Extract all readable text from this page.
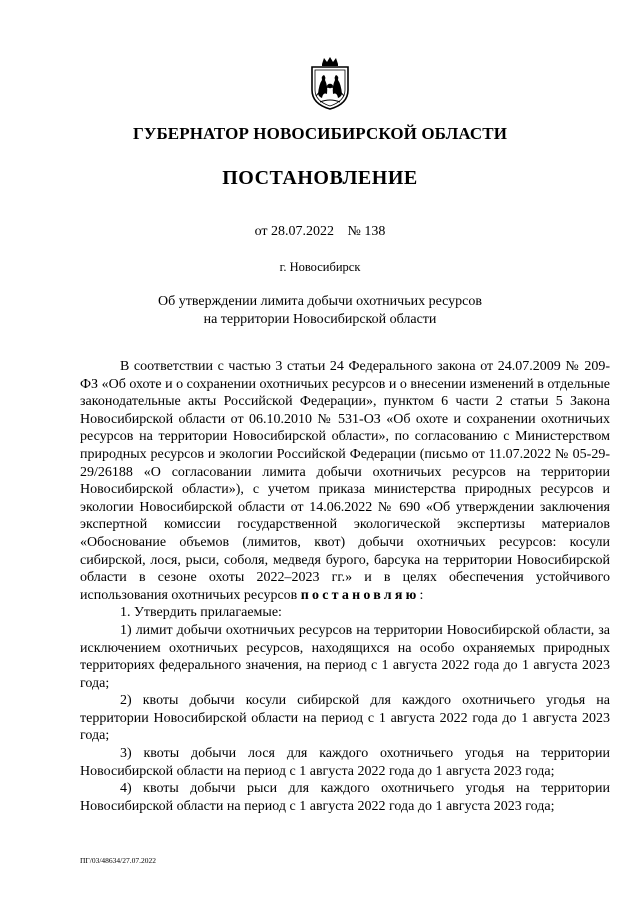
ГУБЕРНАТОР НОВОСИБИРСКОЙ ОБЛАСТИ
ПОСТАНОВЛЕНИЕ
от 28.07.2022 № 138
г. Новосибирск
Об утверждении лимита добычи охотничьих ресурсов
на территории Новосибирской области

В соответствии с частью 3 статьи 24 Федерального закона от 24.07.2009 № 209-ФЗ «Об охоте и о сохранении охотничьих ресурсов и о внесении изменений в отдельные законодательные акты Российской Федерации», пунктом 6 части 2 статьи 5 Закона Новосибирской области от 06.10.2010 № 531-ОЗ «Об охоте и сохранении охотничьих ресурсов на территории Новосибирской области», по согласованию с Министерством природных ресурсов и экологии Российской Федерации (письмо от 11.07.2022 № 05-29-29/26188 «О согласовании лимита добычи охотничьих ресурсов на территории Новосибирской области»), с учетом приказа министерства природных ресурсов и экологии Новосибирской области от 14.06.2022 № 690 «Об утверждении заключения экспертной комиссии государственной экологической экспертизы материалов «Обоснование объемов (лимитов, квот) добычи охотничьих ресурсов: косули сибирской, лося, рыси, соболя, медведя бурого, барсука на территории Новосибирской области в сезоне охоты 2022–2023 гг.» и в целях обеспечения устойчивого использования охотничьих ресурсов постановляю:

1. Утвердить прилагаемые:

1) лимит добычи охотничьих ресурсов на территории Новосибирской области, за исключением охотничьих ресурсов, находящихся на особо охраняемых природных территориях федерального значения, на период с 1 августа 2022 года до 1 августа 2023 года;

2) квоты добычи косули сибирской для каждого охотничьего угодья на территории Новосибирской области на период с 1 августа 2022 года до 1 августа 2023 года;

3) квоты добычи лося для каждого охотничьего угодья на территории Новосибирской области на период с 1 августа 2022 года до 1 августа 2023 года;

4) квоты добычи рыси для каждого охотничьего угодья на территории Новосибирской области на период с 1 августа 2022 года до 1 августа 2023 года;

ПГ/03/48634/27.07.2022
